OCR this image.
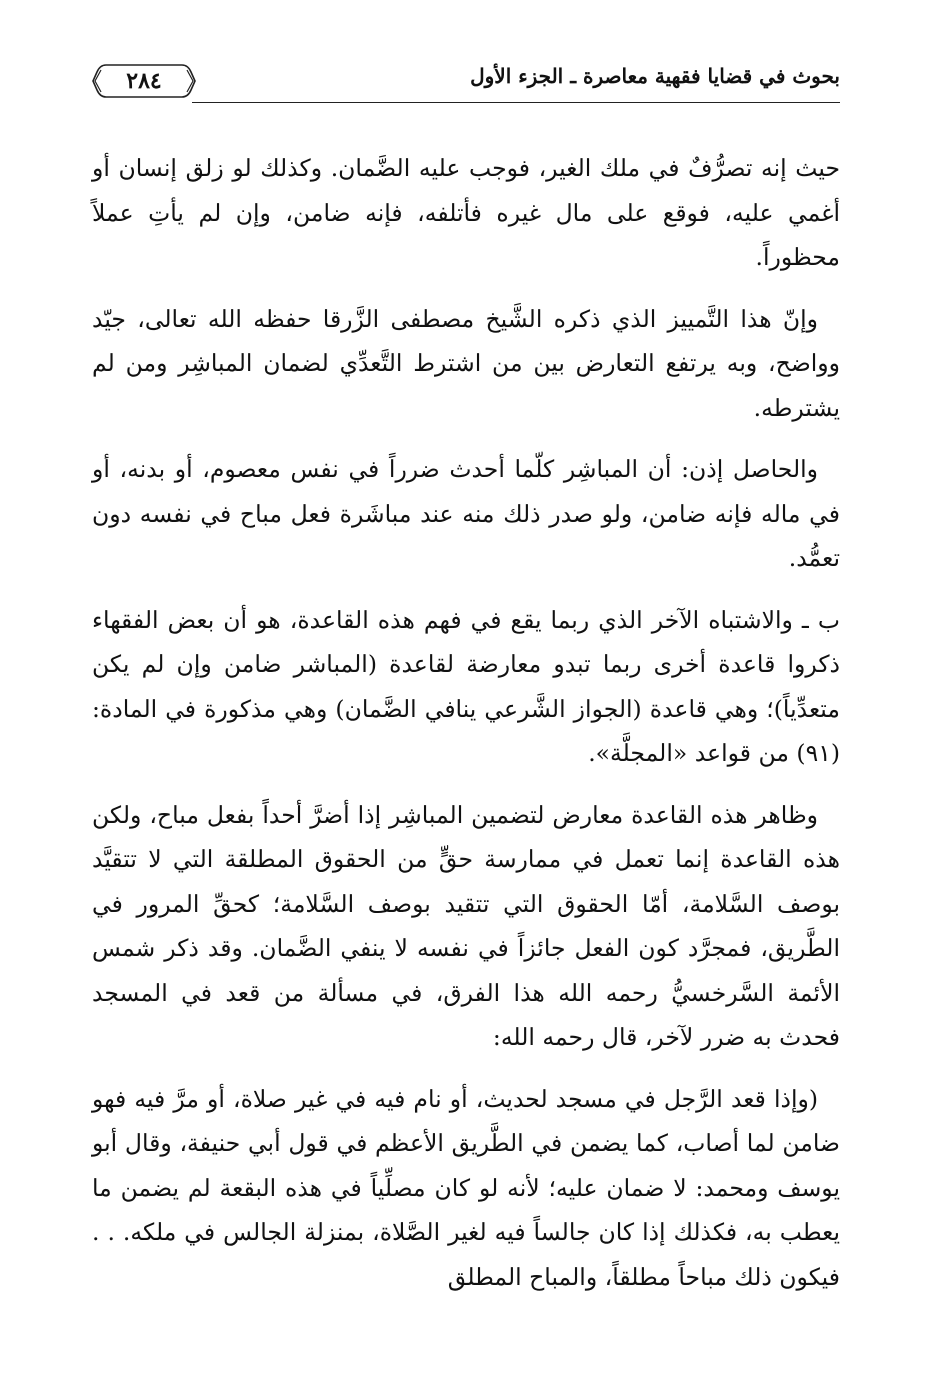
٢٨٤	بحوث في قضايا فقهية معاصرة ـ الجزء الأول

حيث إنه تصرُّفٌ في ملك الغير، فوجب عليه الضَّمان. وكذلك لو زلق إنسان أو أغمي عليه، فوقع على مال غيره فأتلفه، فإنه ضامن، وإن لم يأتِ عملاً محظوراً.

وإنّ هذا التَّمييز الذي ذكره الشَّيخ مصطفى الزَّرقا حفظه الله تعالى، جيّد وواضح، وبه يرتفع التعارض بين من اشترط التَّعدِّي لضمان المباشِر ومن لم يشترطه.

والحاصل إذن: أن المباشِر كلّما أحدث ضرراً في نفس معصوم، أو بدنه، أو في ماله فإنه ضامن، ولو صدر ذلك منه عند مباشَرة فعل مباح في نفسه دون تعمُّد.

ب ـ والاشتباه الآخر الذي ربما يقع في فهم هذه القاعدة، هو أن بعض الفقهاء ذكروا قاعدة أخرى ربما تبدو معارضة لقاعدة (المباشر ضامن وإن لم يكن متعدِّياً)؛ وهي قاعدة (الجواز الشَّرعي ينافي الضَّمان) وهي مذكورة في المادة: (٩١) من قواعد «المجلَّة».

وظاهر هذه القاعدة معارض لتضمين المباشِر إذا أضرَّ أحداً بفعل مباح، ولكن هذه القاعدة إنما تعمل في ممارسة حقٍّ من الحقوق المطلقة التي لا تتقيَّد بوصف السَّلامة، أمّا الحقوق التي تتقيد بوصف السَّلامة؛ كحقِّ المرور في الطَّريق، فمجرَّد كون الفعل جائزاً في نفسه لا ينفي الضَّمان. وقد ذكر شمس الأئمة السَّرخسيُّ رحمه الله هذا الفرق، في مسألة من قعد في المسجد فحدث به ضرر لآخر، قال رحمه الله:

(وإذا قعد الرَّجل في مسجد لحديث، أو نام فيه في غير صلاة، أو مرَّ فيه فهو ضامن لما أصاب، كما يضمن في الطَّريق الأعظم في قول أبي حنيفة، وقال أبو يوسف ومحمد: لا ضمان عليه؛ لأنه لو كان مصلِّياً في هذه البقعة لم يضمن ما يعطب به، فكذلك إذا كان جالساً فيه لغير الصَّلاة، بمنزلة الجالس في ملكه. . . فيكون ذلك مباحاً مطلقاً، والمباح المطلق
